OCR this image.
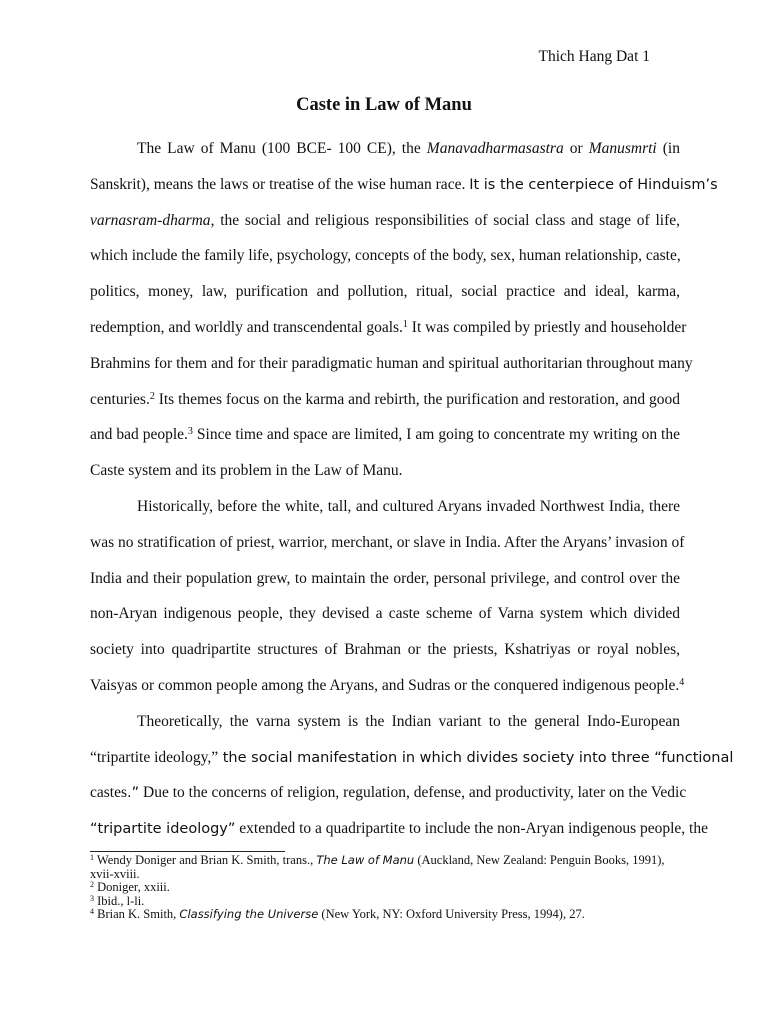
Thich Hang Dat 1
Caste in Law of Manu
The Law of Manu (100 BCE- 100 CE), the Manavadharmasastra or Manusmrti (in
Sanskrit), means the laws or treatise of the wise human race. It is the centerpiece of Hinduism’s
varnasram-dharma, the social and religious responsibilities of social class and stage of life,
which include the family life, psychology, concepts of the body, sex, human relationship, caste,
politics, money, law, purification and pollution, ritual, social practice and ideal, karma,
redemption, and worldly and transcendental goals.$^1$ It was compiled by priestly and householder
Brahmins for them and for their paradigmatic human and spiritual authoritarian throughout many
centuries.$^2$ Its themes focus on the karma and rebirth, the purification and restoration, and good
and bad people.$^3$ Since time and space are limited, I am going to concentrate my writing on the
Caste system and its problem in the Law of Manu.
Historically, before the white, tall, and cultured Aryans invaded Northwest India, there
was no stratification of priest, warrior, merchant, or slave in India. After the Aryans’ invasion of
India and their population grew, to maintain the order, personal privilege, and control over the
non-Aryan indigenous people, they devised a caste scheme of Varna system which divided
society into quadripartite structures of Brahman or the priests, Kshatriyas or royal nobles,
Vaisyas or common people among the Aryans, and Sudras or the conquered indigenous people.$^4$
Theoretically, the varna system is the Indian variant to the general Indo-European
“tripartite ideology,” the social manifestation in which divides society into three “functional
castes.” Due to the concerns of religion, regulation, defense, and productivity, later on the Vedic
“tripartite ideology” extended to a quadripartite to include the non-Aryan indigenous people, the
$^1$ Wendy Doniger and Brian K. Smith, trans., The Law of Manu (Auckland, New Zealand: Penguin Books, 1991),
xvii-xviii.
$^2$ Doniger, xxiii.
$^3$ Ibid., l-li.
$^4$ Brian K. Smith, Classifying the Universe (New York, NY: Oxford University Press, 1994), 27.
